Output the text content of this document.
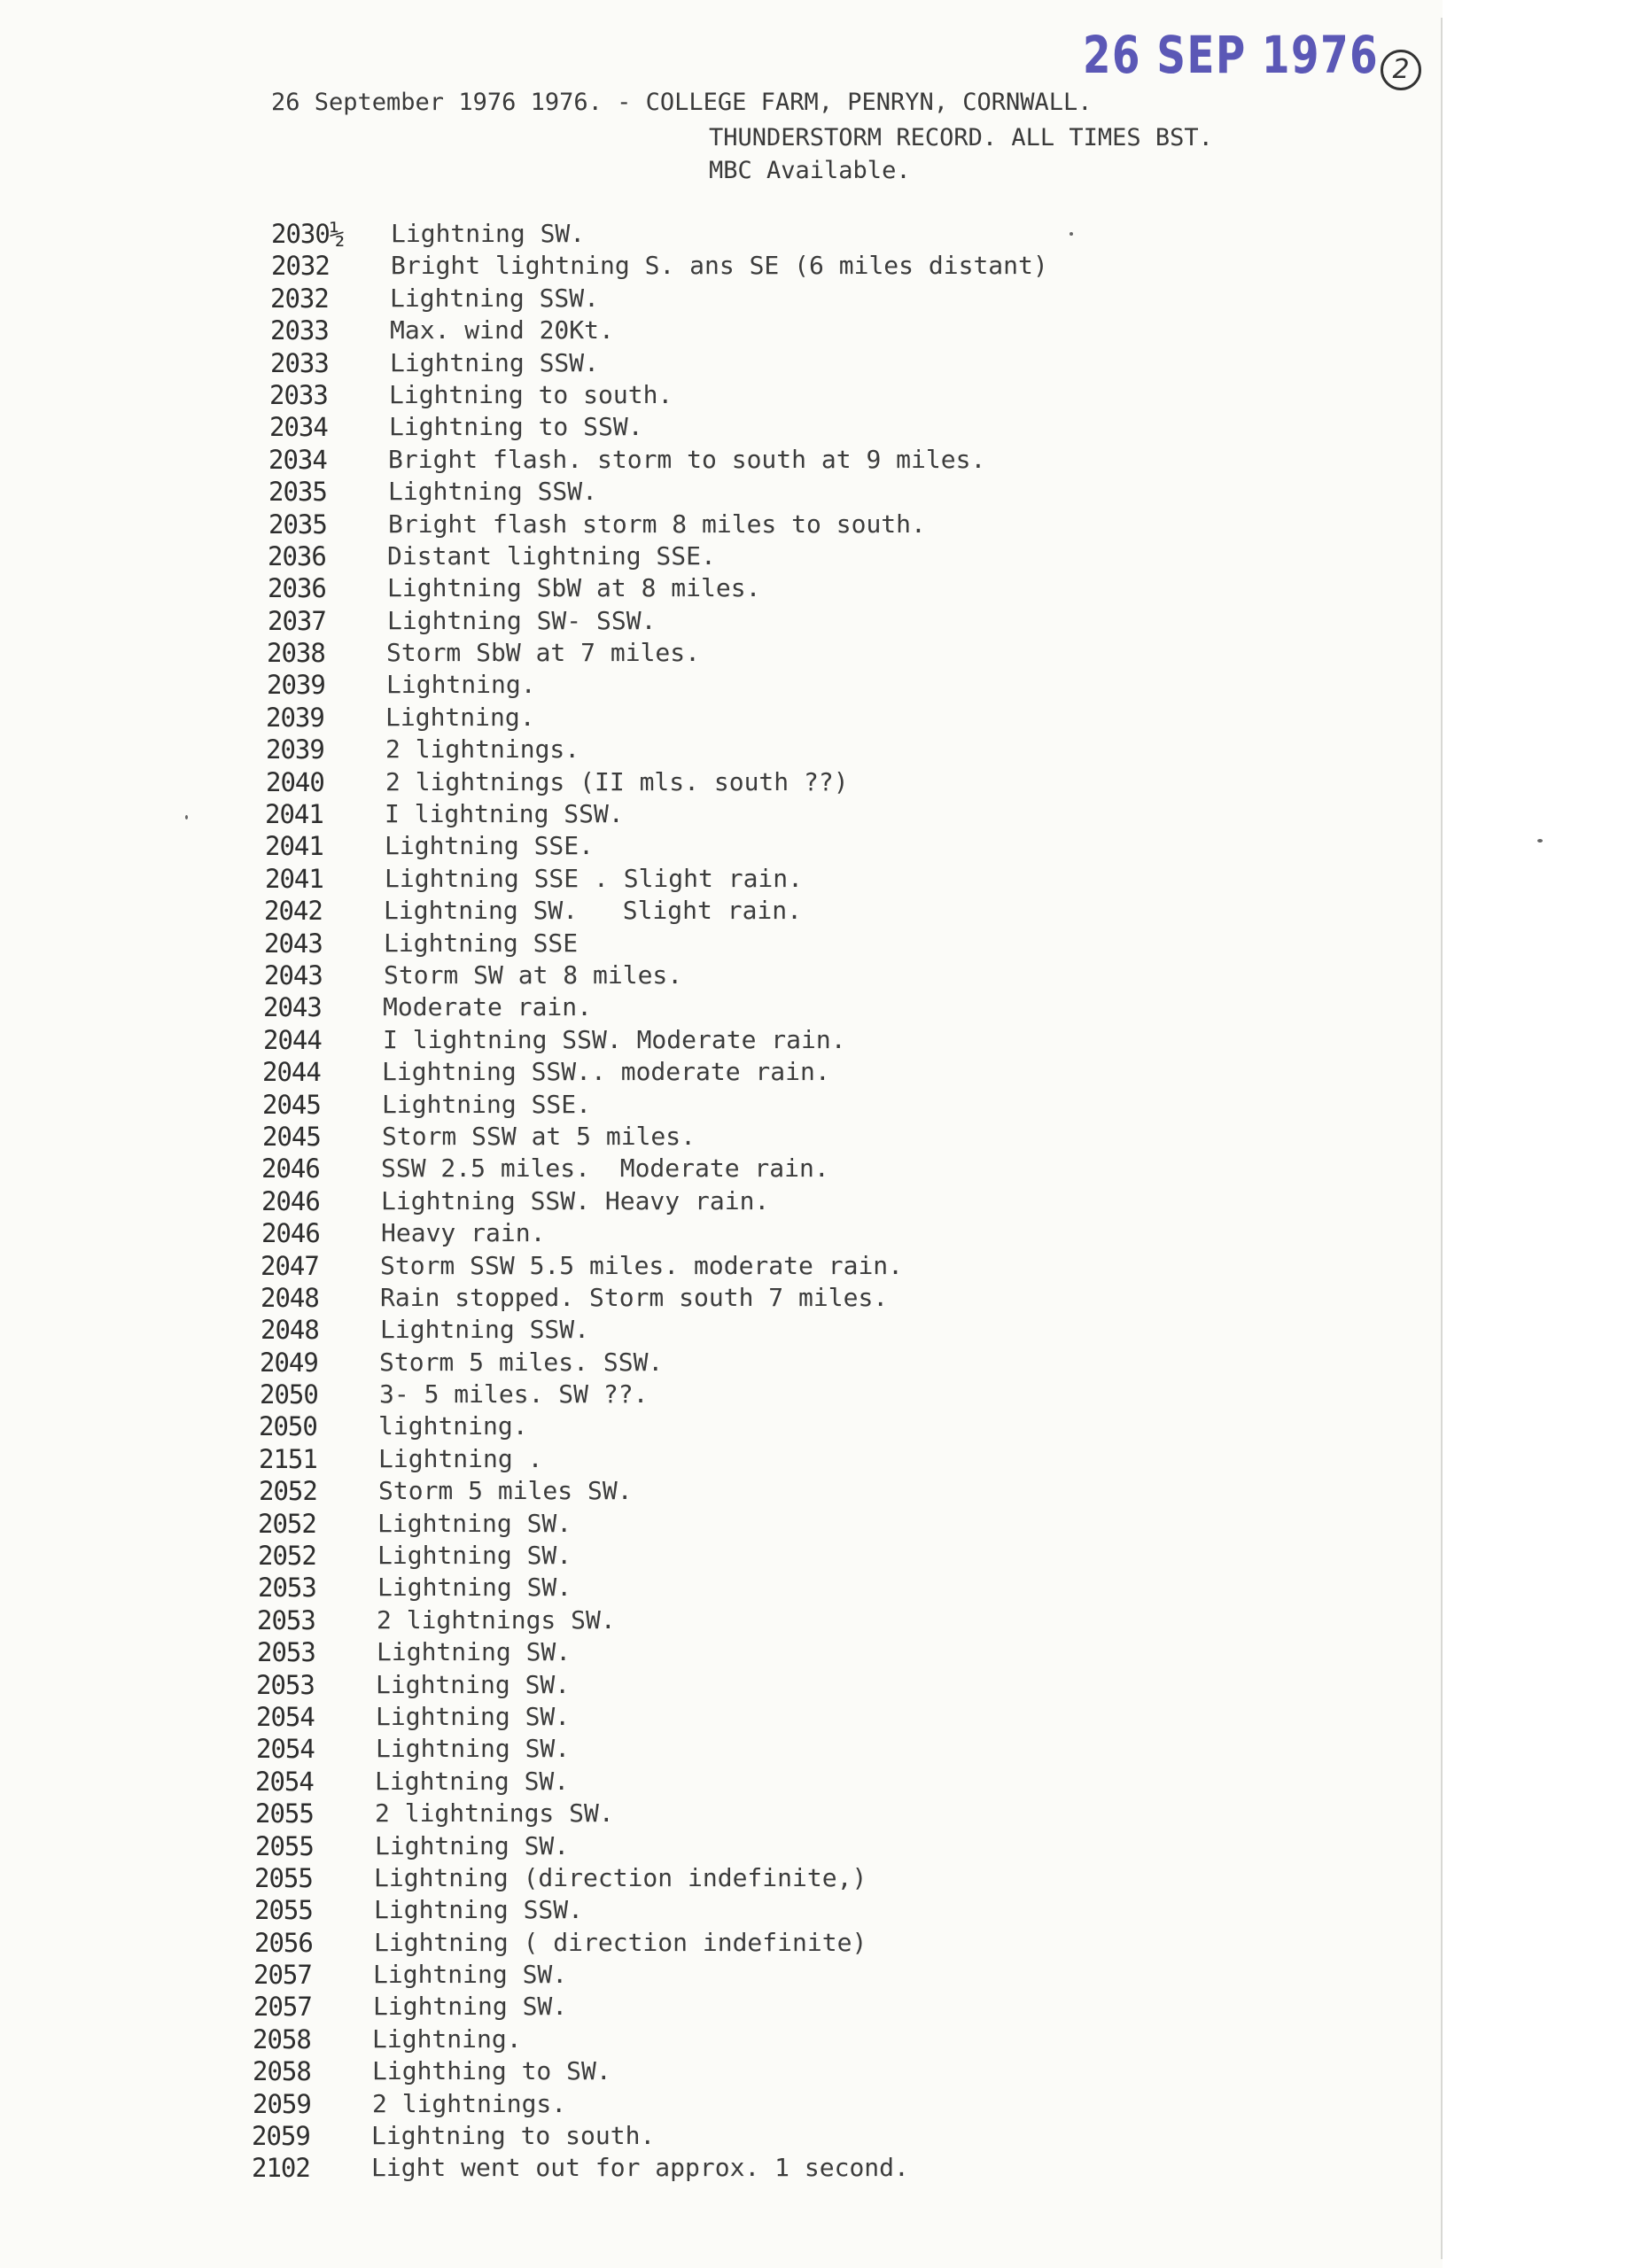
26 SEP 1976 2
26 September 1976 1976. - COLLEGE FARM, PENRYN, CORNWALL.
THUNDERSTORM RECORD. ALL TIMES BST.
MBC Available.
2030½ Lightning SW.
2032 Bright lightning S. ans SE (6 miles distant)
2032 Lightning SSW.
2033 Max. wind 20Kt.
2033 Lightning SSW.
2033 Lightning to south.
2034 Lightning to SSW.
2034 Bright flash. storm to south at 9 miles.
2035 Lightning SSW.
2035 Bright flash storm 8 miles to south.
2036 Distant lightning SSE.
2036 Lightning SbW at 8 miles.
2037 Lightning SW- SSW.
2038 Storm SbW at 7 miles.
2039 Lightning.
2039 Lightning.
2039 2 lightnings.
2040 2 lightnings (II mls. south ??)
2041 I lightning SSW.
2041 Lightning SSE.
2041 Lightning SSE . Slight rain.
2042 Lightning SW.   Slight rain.
2043 Lightning SSE
2043 Storm SW at 8 miles.
2043 Moderate rain.
2044 I lightning SSW. Moderate rain.
2044 Lightning SSW.. moderate rain.
2045 Lightning SSE.
2045 Storm SSW at 5 miles.
2046 SSW 2.5 miles.  Moderate rain.
2046 Lightning SSW. Heavy rain.
2046 Heavy rain.
2047 Storm SSW 5.5 miles. moderate rain.
2048 Rain stopped. Storm south 7 miles.
2048 Lightning SSW.
2049 Storm 5 miles. SSW.
2050 3- 5 miles. SW ??.
2050 lightning.
2151 Lightning .
2052 Storm 5 miles SW.
2052 Lightning SW.
2052 Lightning SW.
2053 Lightning SW.
2053 2 lightnings SW.
2053 Lightning SW.
2053 Lightning SW.
2054 Lightning SW.
2054 Lightning SW.
2054 Lightning SW.
2055 2 lightnings SW.
2055 Lightning SW.
2055 Lightning (direction indefinite,)
2055 Lightning SSW.
2056 Lightning ( direction indefinite)
2057 Lightning SW.
2057 Lightning SW.
2058 Lightning.
2058 Lighthing to SW.
2059 2 lightnings.
2059 Lightning to south.
2102 Light went out for approx. 1 second.
